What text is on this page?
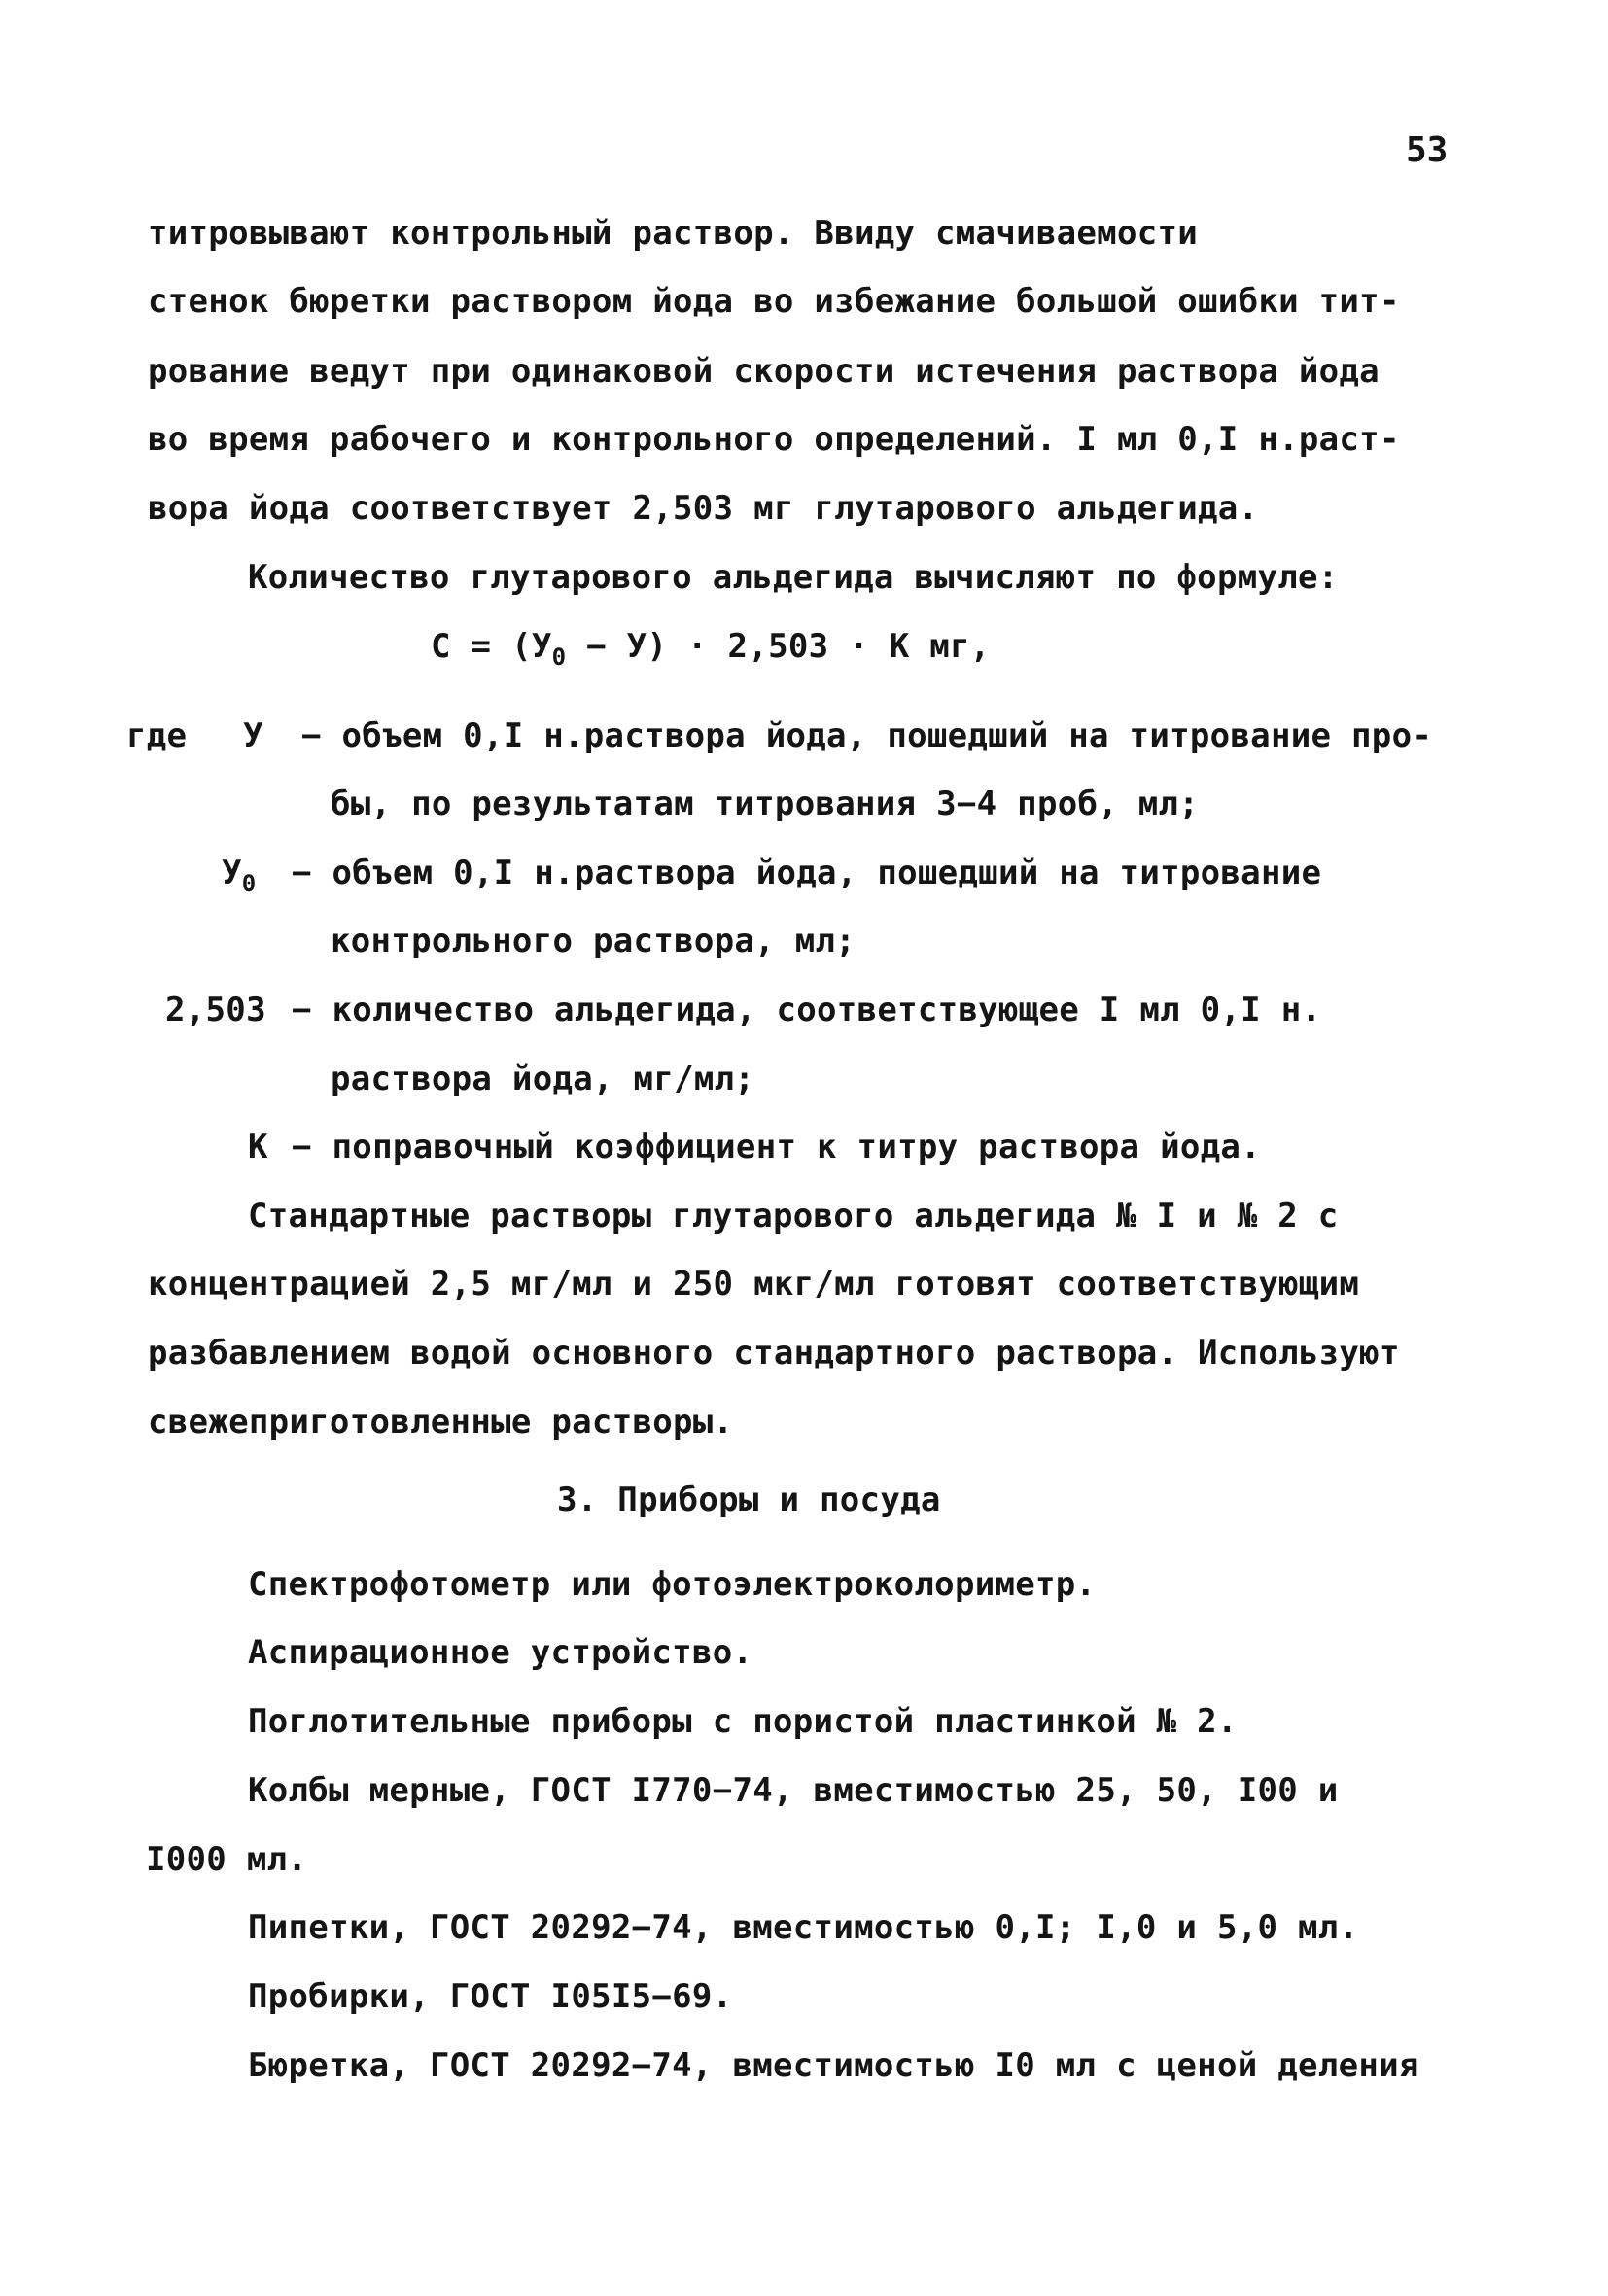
53
титровывают контрольный раствор. Ввиду смачиваемости
стенок бюретки раствором йода во избежание большой ошибки тит-
рование ведут при одинаковой скорости истечения раствора йода
во время рабочего и контрольного определений. I мл 0,I н.раст-
вора йода соответствует 2,503 мг глутарового альдегида.
Количество глутарового альдегида вычисляют по формуле:
$С = (У_0 - У) \cdot 2,503 \cdot К$ мг,
где У − объем 0,I н.раствора йода, пошедший на титрование про-
бы, по результатам титрования 3−4 проб, мл;
$У_0$ − объем 0,I н.раствора йода, пошедший на титрование
контрольного раствора, мл;
2,503 − количество альдегида, соответствующее I мл 0,I н.
раствора йода, мг/мл;
К − поправочный коэффициент к титру раствора йода.
Стандартные растворы глутарового альдегида № I и № 2 с
концентрацией 2,5 мг/мл и 250 мкг/мл готовят соответствующим
разбавлением водой основного стандартного раствора. Используют
свежеприготовленные растворы.
3. Приборы и посуда
Спектрофотометр или фотоэлектроколориметр.
Аспирационное устройство.
Поглотительные приборы с пористой пластинкой № 2.
Колбы мерные, ГОСТ I770−74, вместимостью 25, 50, I00 и
I000 мл.
Пипетки, ГОСТ 20292−74, вместимостью 0,I; I,0 и 5,0 мл.
Пробирки, ГОСТ I05I5−69.
Бюретка, ГОСТ 20292−74, вместимостью I0 мл с ценой деления
